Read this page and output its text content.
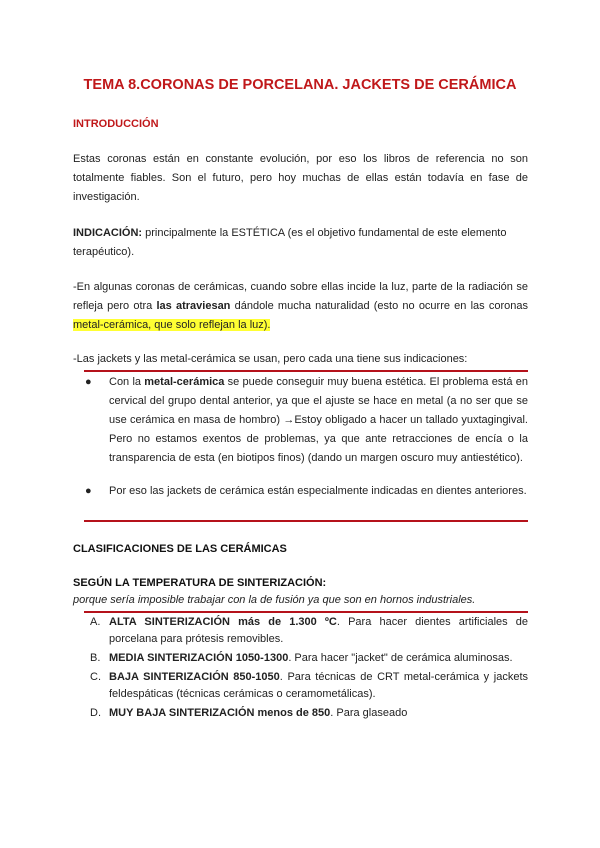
TEMA 8.CORONAS DE PORCELANA. JACKETS DE CERÁMICA
INTRODUCCIÓN
Estas coronas están en constante evolución, por eso los libros de referencia no son totalmente fiables. Son el futuro, pero hoy muchas de ellas están todavía en fase de investigación.
INDICACIÓN: principalmente la ESTÉTICA (es el objetivo fundamental de este elemento terapéutico).
-En algunas coronas de cerámicas, cuando sobre ellas incide la luz, parte de la radiación se refleja pero otra las atraviesan dándole mucha naturalidad (esto no ocurre en las coronas metal-cerámica, que solo reflejan la luz).
-Las jackets y las metal-cerámica se usan, pero cada una tiene sus indicaciones:
● Con la metal-cerámica se puede conseguir muy buena estética. El problema está en cervical del grupo dental anterior, ya que el ajuste se hace en metal (a no ser que se use cerámica en masa de hombro) →Estoy obligado a hacer un tallado yuxtagingival. Pero no estamos exentos de problemas, ya que ante retracciones de encía o la transparencia de esta (en biotipos finos) (dando un margen oscuro muy antiestético).
● Por eso las jackets de cerámica están especialmente indicadas en dientes anteriores.
CLASIFICACIONES DE LAS CERÁMICAS
SEGÚN LA TEMPERATURA DE SINTERIZACIÓN:
porque sería imposible trabajar con la de fusión ya que son en hornos industriales.
A. ALTA SINTERIZACIÓN más de 1.300 ºC. Para hacer dientes artificiales de porcelana para prótesis removibles.
B. MEDIA SINTERIZACIÓN 1050-1300. Para hacer "jacket" de cerámica aluminosas.
C. BAJA SINTERIZACIÓN 850-1050. Para técnicas de CRT metal-cerámica y jackets feldespáticas (técnicas cerámicas o ceramometálicas).
D. MUY BAJA SINTERIZACIÓN menos de 850. Para glaseado
